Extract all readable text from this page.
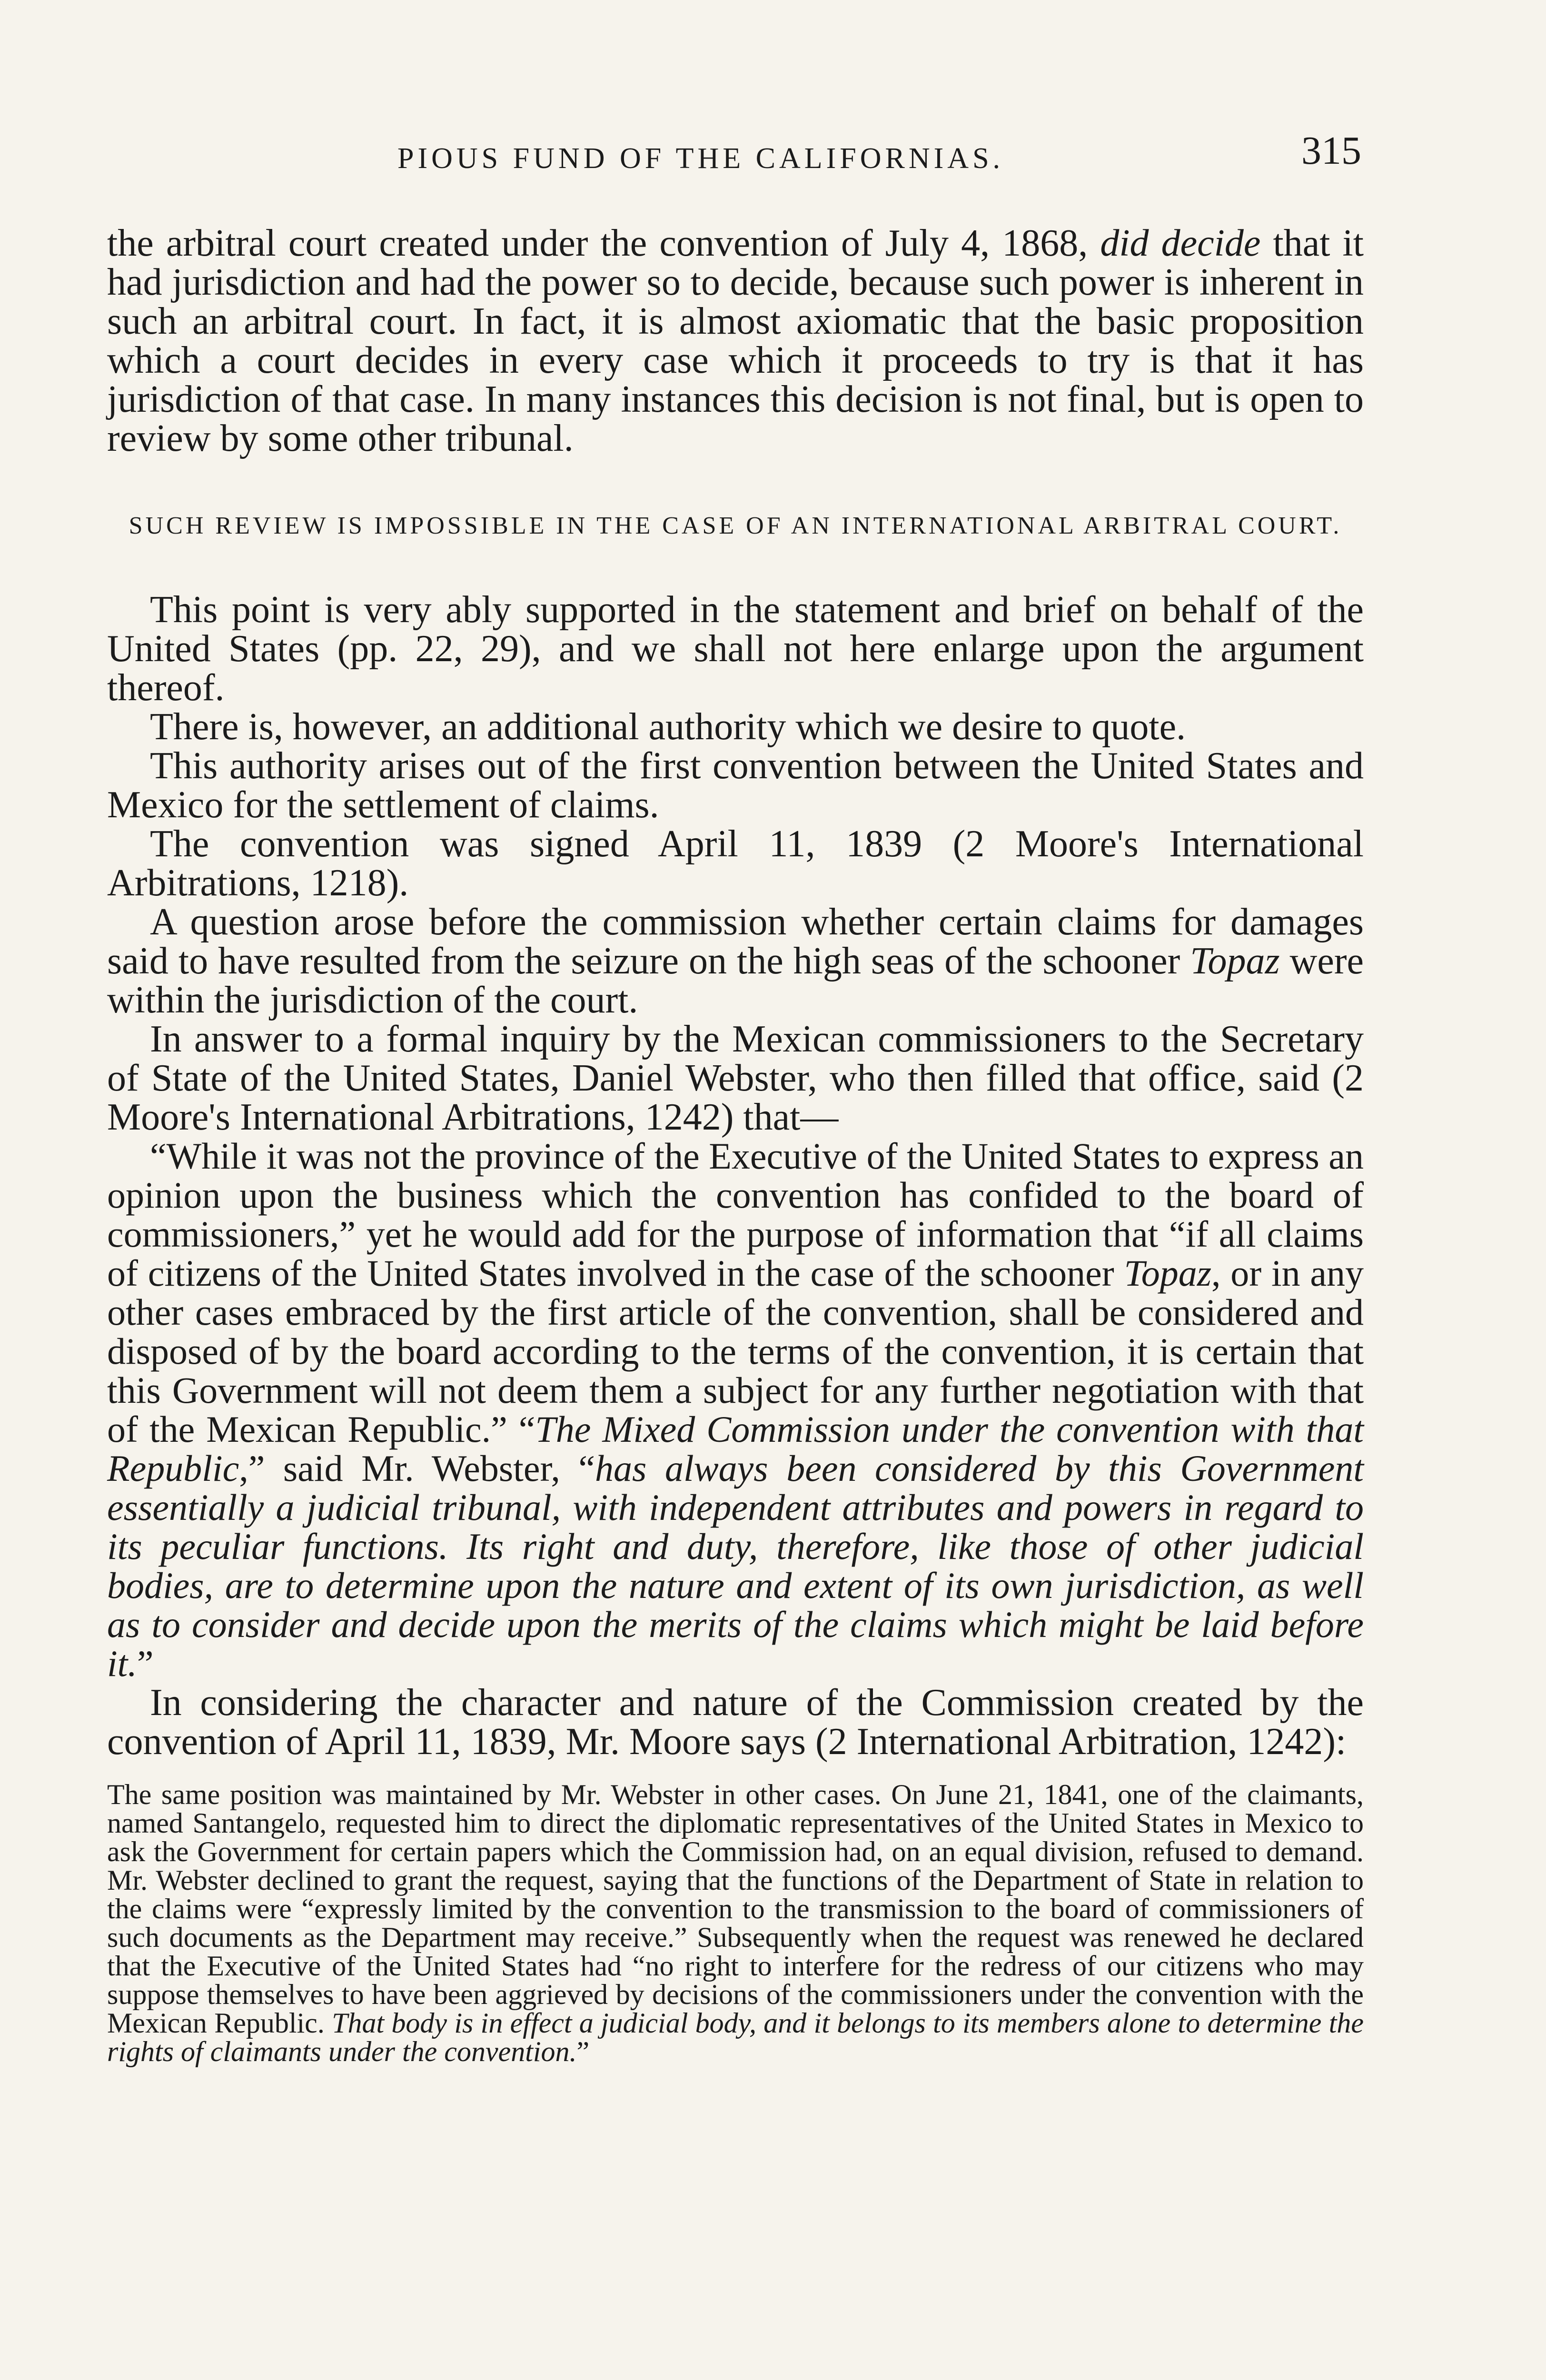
PIOUS FUND OF THE CALIFORNIAS.	315

the arbitral court created under the convention of July 4, 1868, did decide that it had jurisdiction and had the power so to decide, because such power is inherent in such an arbitral court. In fact, it is almost axiomatic that the basic proposition which a court decides in every case which it proceeds to try is that it has jurisdiction of that case. In many instances this decision is not final, but is open to review by some other tribunal.

SUCH REVIEW IS IMPOSSIBLE IN THE CASE OF AN INTERNATIONAL ARBITRAL COURT.

This point is very ably supported in the statement and brief on behalf of the United States (pp. 22, 29), and we shall not here enlarge upon the argument thereof.

There is, however, an additional authority which we desire to quote.

This authority arises out of the first convention between the United States and Mexico for the settlement of claims.

The convention was signed April 11, 1839 (2 Moore's International Arbitrations, 1218).

A question arose before the commission whether certain claims for damages said to have resulted from the seizure on the high seas of the schooner Topaz were within the jurisdiction of the court.

In answer to a formal inquiry by the Mexican commissioners to the Secretary of State of the United States, Daniel Webster, who then filled that office, said (2 Moore's International Arbitrations, 1242) that—

“While it was not the province of the Executive of the United States to express an opinion upon the business which the convention has confided to the board of commissioners,” yet he would add for the purpose of information that “if all claims of citizens of the United States involved in the case of the schooner Topaz, or in any other cases embraced by the first article of the convention, shall be considered and disposed of by the board according to the terms of the convention, it is certain that this Government will not deem them a subject for any further negotiation with that of the Mexican Republic.” “The Mixed Commission under the convention with that Republic,” said Mr. Webster, “has always been considered by this Government essentially a judicial tribunal, with independent attributes and powers in regard to its peculiar functions. Its right and duty, therefore, like those of other judicial bodies, are to determine upon the nature and extent of its own jurisdiction, as well as to consider and decide upon the merits of the claims which might be laid before it.”

In considering the character and nature of the Commission created by the convention of April 11, 1839, Mr. Moore says (2 International Arbitration, 1242):

The same position was maintained by Mr. Webster in other cases. On June 21, 1841, one of the claimants, named Santangelo, requested him to direct the diplomatic representatives of the United States in Mexico to ask the Government for certain papers which the Commission had, on an equal division, refused to demand. Mr. Webster declined to grant the request, saying that the functions of the Department of State in relation to the claims were “expressly limited by the convention to the transmission to the board of commissioners of such documents as the Department may receive.” Subsequently when the request was renewed he declared that the Executive of the United States had “no right to interfere for the redress of our citizens who may suppose themselves to have been aggrieved by decisions of the commissioners under the convention with the Mexican Republic. That body is in effect a judicial body, and it belongs to its members alone to determine the rights of claimants under the convention.”
